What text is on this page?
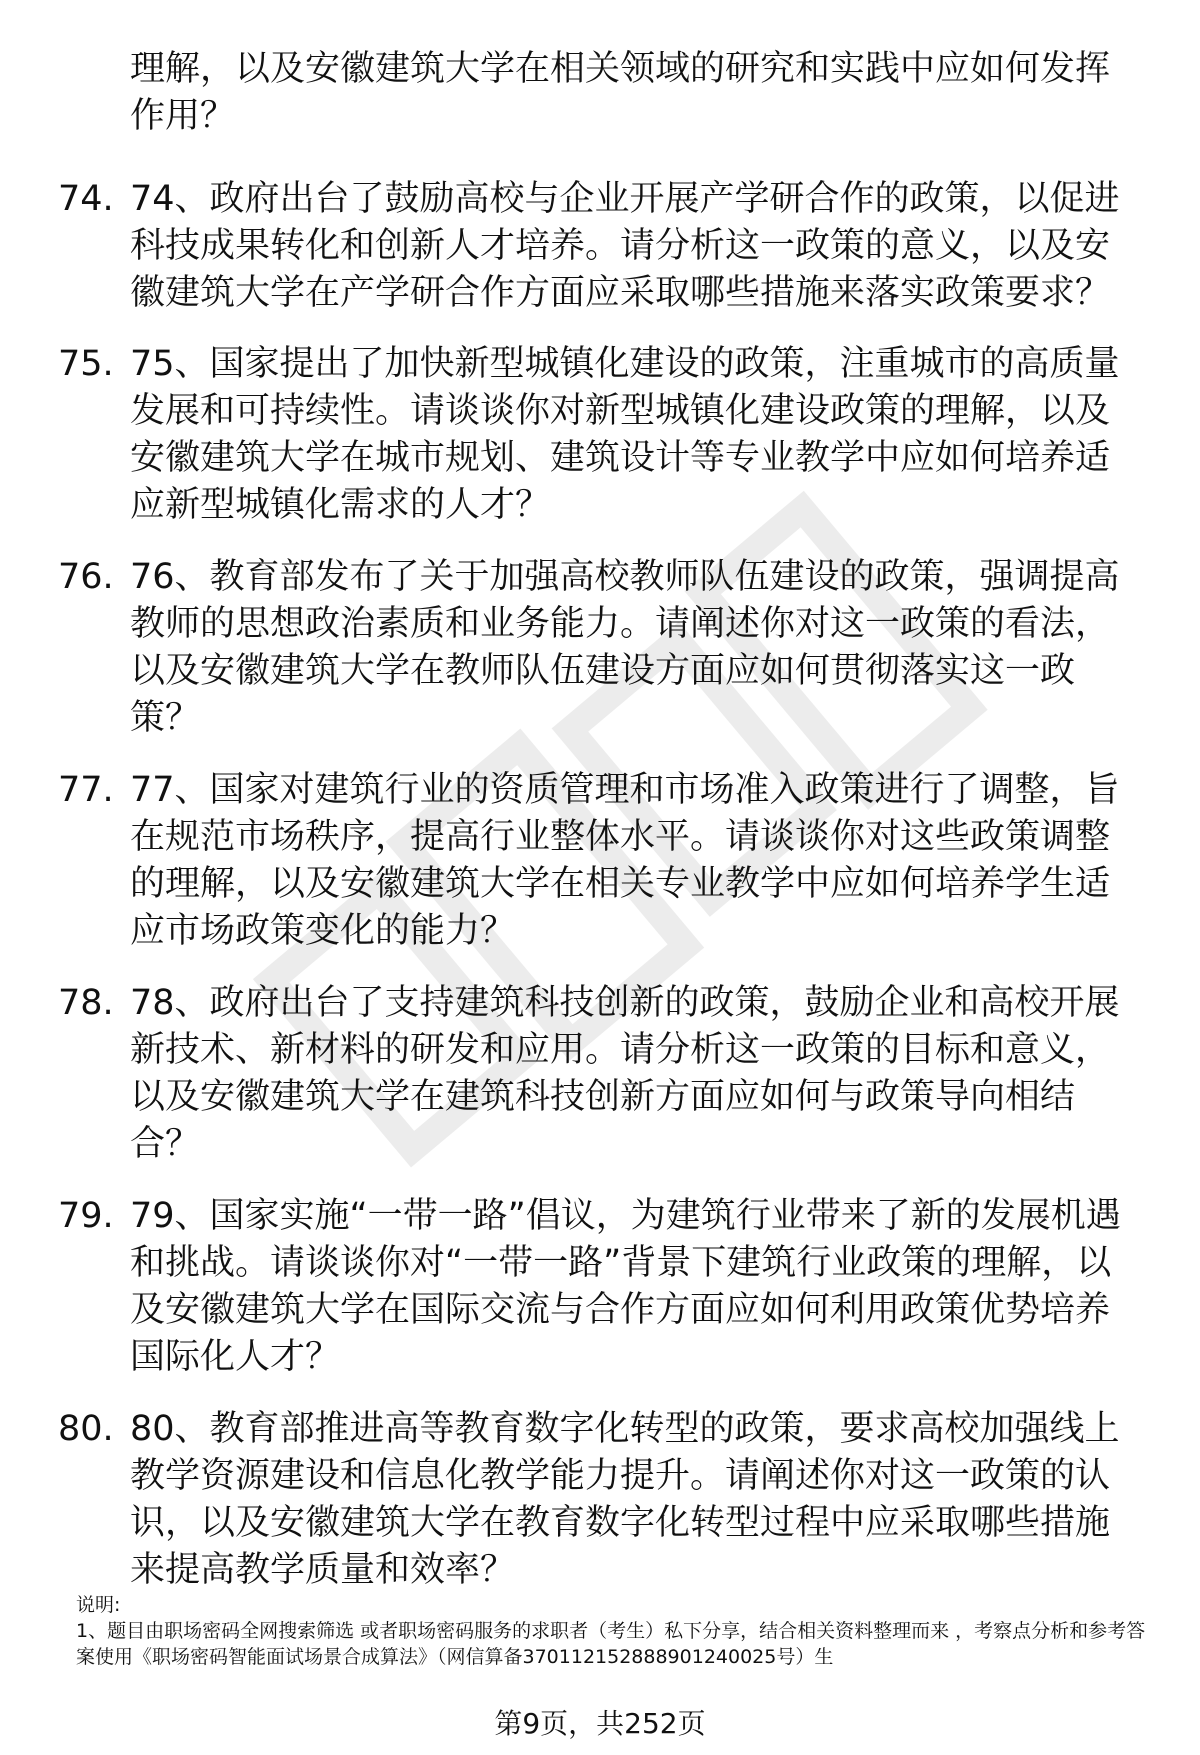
理解，以及安徽建筑大学在相关领域的研究和实践中应如何发挥作用？
74. 74、政府出台了鼓励高校与企业开展产学研合作的政策，以促进科技成果转化和创新人才培养。请分析这一政策的意义，以及安徽建筑大学在产学研合作方面应采取哪些措施来落实政策要求？
75. 75、国家提出了加快新型城镇化建设的政策，注重城市的高质量发展和可持续性。请谈谈你对新型城镇化建设政策的理解，以及安徽建筑大学在城市规划、建筑设计等专业教学中应如何培养适应新型城镇化需求的人才？
76. 76、教育部发布了关于加强高校教师队伍建设的政策，强调提高教师的思想政治素质和业务能力。请阐述你对这一政策的看法，以及安徽建筑大学在教师队伍建设方面应如何贯彻落实这一政策？
77. 77、国家对建筑行业的资质管理和市场准入政策进行了调整，旨在规范市场秩序，提高行业整体水平。请谈谈你对这些政策调整的理解，以及安徽建筑大学在相关专业教学中应如何培养学生适应市场政策变化的能力？
78. 78、政府出台了支持建筑科技创新的政策，鼓励企业和高校开展新技术、新材料的研发和应用。请分析这一政策的目标和意义，以及安徽建筑大学在建筑科技创新方面应如何与政策导向相结合？
79. 79、国家实施“一带一路”倡议，为建筑行业带来了新的发展机遇和挑战。请谈谈你对“一带一路”背景下建筑行业政策的理解，以及安徽建筑大学在国际交流与合作方面应如何利用政策优势培养国际化人才？
80. 80、教育部推进高等教育数字化转型的政策，要求高校加强线上教学资源建设和信息化教学能力提升。请阐述你对这一政策的认识，以及安徽建筑大学在教育数字化转型过程中应采取哪些措施来提高教学质量和效率？
说明:
1、题目由职场密码全网搜索筛选 或者职场密码服务的求职者（考生）私下分享，结合相关资料整理而来 ，考察点分析和参考答案使用《职场密码智能面试场景合成算法》（网信算备370112152888901240025号）生
第9页，共252页
